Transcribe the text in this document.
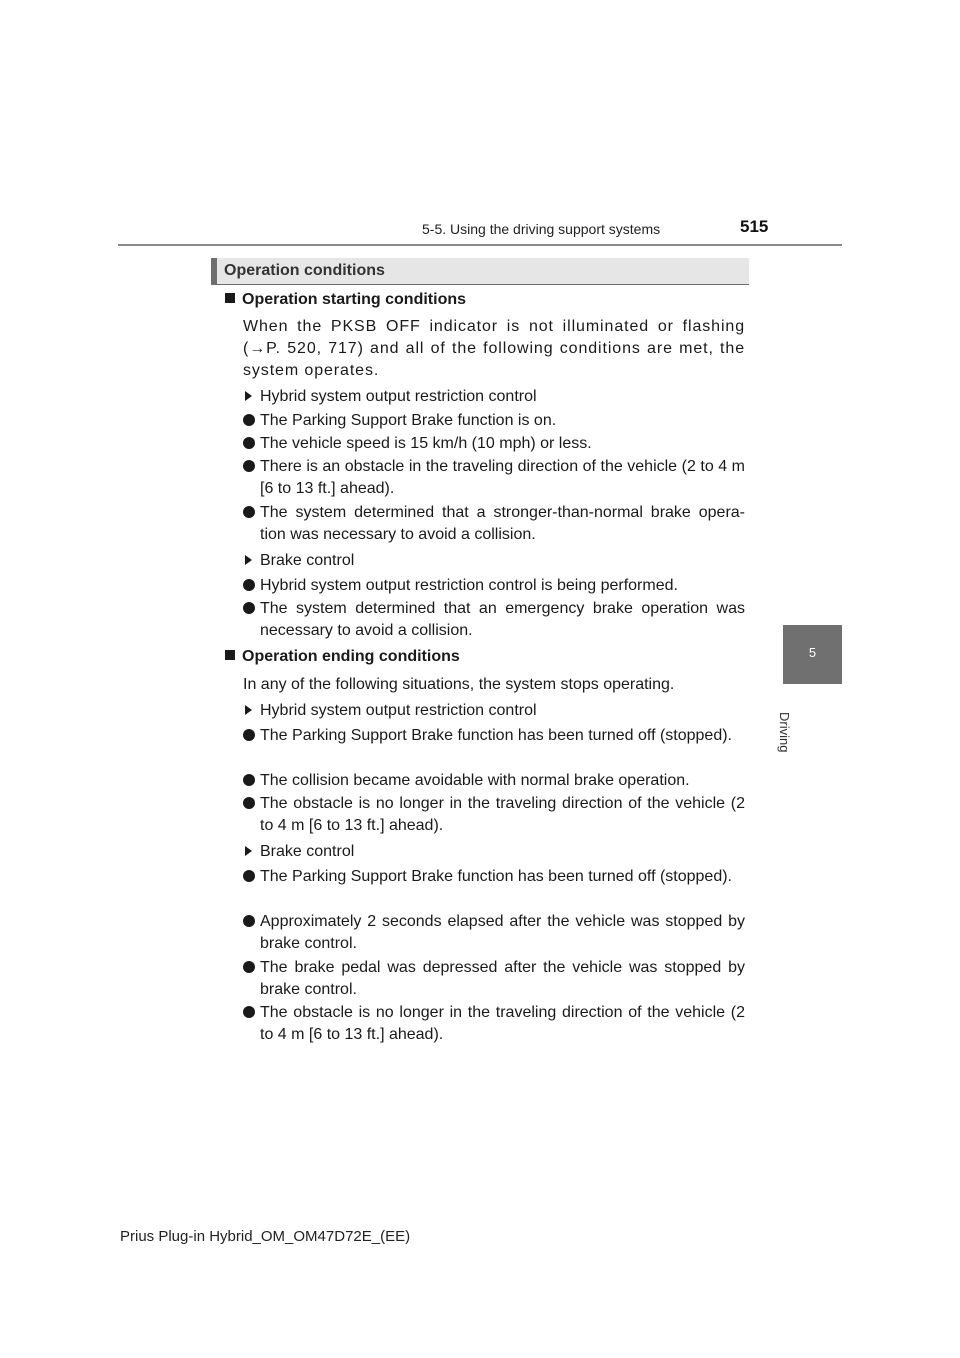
5-5. Using the driving support systems	515
5
Driving
Operation conditions
Operation starting conditions
When the PKSB OFF indicator is not illuminated or flashing (→P. 520, 717) and all of the following conditions are met, the system operates.
Hybrid system output restriction control
The Parking Support Brake function is on.
The vehicle speed is 15 km/h (10 mph) or less.
There is an obstacle in the traveling direction of the vehicle (2 to 4 m [6 to 13 ft.] ahead).
The system determined that a stronger-than-normal brake opera-tion was necessary to avoid a collision.
Brake control
Hybrid system output restriction control is being performed.
The system determined that an emergency brake operation was necessary to avoid a collision.
Operation ending conditions
In any of the following situations, the system stops operating.
Hybrid system output restriction control
The Parking Support Brake function has been turned off (stopped).
The collision became avoidable with normal brake operation.
The obstacle is no longer in the traveling direction of the vehicle (2 to 4 m [6 to 13 ft.] ahead).
Brake control
The Parking Support Brake function has been turned off (stopped).
Approximately 2 seconds elapsed after the vehicle was stopped by brake control.
The brake pedal was depressed after the vehicle was stopped by brake control.
The obstacle is no longer in the traveling direction of the vehicle (2 to 4 m [6 to 13 ft.] ahead).
Prius Plug-in Hybrid_OM_OM47D72E_(EE)
